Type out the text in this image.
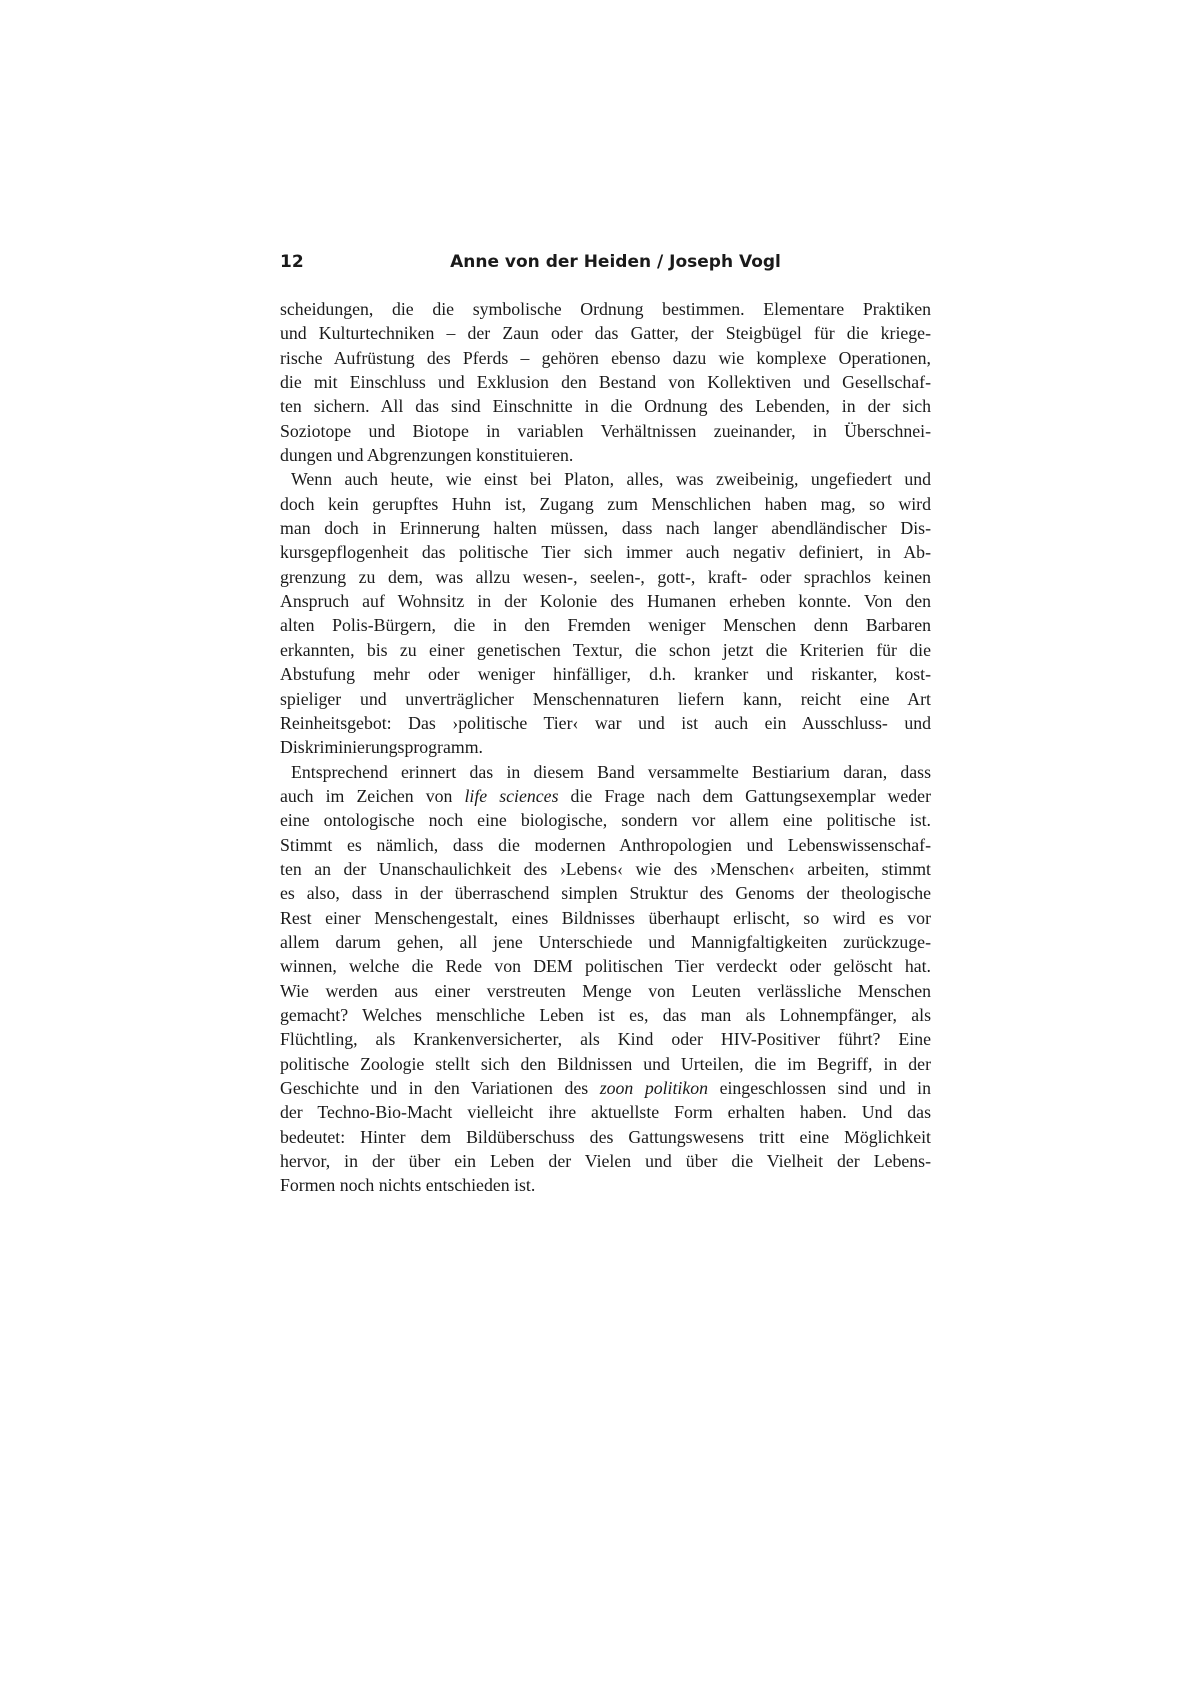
12	Anne von der Heiden / Joseph Vogl
scheidungen, die die symbolische Ordnung bestimmen. Elementare Praktiken
und Kulturtechniken – der Zaun oder das Gatter, der Steigbügel für die kriege-
rische Aufrüstung des Pferds – gehören ebenso dazu wie komplexe Operationen,
die mit Einschluss und Exklusion den Bestand von Kollektiven und Gesellschaf-
ten sichern. All das sind Einschnitte in die Ordnung des Lebenden, in der sich
Soziotope und Biotope in variablen Verhältnissen zueinander, in Überschnei-
dungen und Abgrenzungen konstituieren.
Wenn auch heute, wie einst bei Platon, alles, was zweibeinig, ungefiedert und
doch kein gerupftes Huhn ist, Zugang zum Menschlichen haben mag, so wird
man doch in Erinnerung halten müssen, dass nach langer abendländischer Dis-
kursgepflogenheit das politische Tier sich immer auch negativ definiert, in Ab-
grenzung zu dem, was allzu wesen-, seelen-, gott-, kraft- oder sprachlos keinen
Anspruch auf Wohnsitz in der Kolonie des Humanen erheben konnte. Von den
alten Polis-Bürgern, die in den Fremden weniger Menschen denn Barbaren
erkannten, bis zu einer genetischen Textur, die schon jetzt die Kriterien für die
Abstufung mehr oder weniger hinfälliger, d.h. kranker und riskanter, kost-
spieliger und unverträglicher Menschennaturen liefern kann, reicht eine Art
Reinheitsgebot: Das ›politische Tier‹ war und ist auch ein Ausschluss- und
Diskriminierungsprogramm.
Entsprechend erinnert das in diesem Band versammelte Bestiarium daran, dass
auch im Zeichen von life sciences die Frage nach dem Gattungsexemplar weder
eine ontologische noch eine biologische, sondern vor allem eine politische ist.
Stimmt es nämlich, dass die modernen Anthropologien und Lebenswissenschaf-
ten an der Unanschaulichkeit des ›Lebens‹ wie des ›Menschen‹ arbeiten, stimmt
es also, dass in der überraschend simplen Struktur des Genoms der theologische
Rest einer Menschengestalt, eines Bildnisses überhaupt erlischt, so wird es vor
allem darum gehen, all jene Unterschiede und Mannigfaltigkeiten zurückzuge-
winnen, welche die Rede von DEM politischen Tier verdeckt oder gelöscht hat.
Wie werden aus einer verstreuten Menge von Leuten verlässliche Menschen
gemacht? Welches menschliche Leben ist es, das man als Lohnempfänger, als
Flüchtling, als Krankenversicherter, als Kind oder HIV-Positiver führt? Eine
politische Zoologie stellt sich den Bildnissen und Urteilen, die im Begriff, in der
Geschichte und in den Variationen des zoon politikon eingeschlossen sind und in
der Techno-Bio-Macht vielleicht ihre aktuellste Form erhalten haben. Und das
bedeutet: Hinter dem Bildüberschuss des Gattungswesens tritt eine Möglichkeit
hervor, in der über ein Leben der Vielen und über die Vielheit der Lebens-
Formen noch nichts entschieden ist.
